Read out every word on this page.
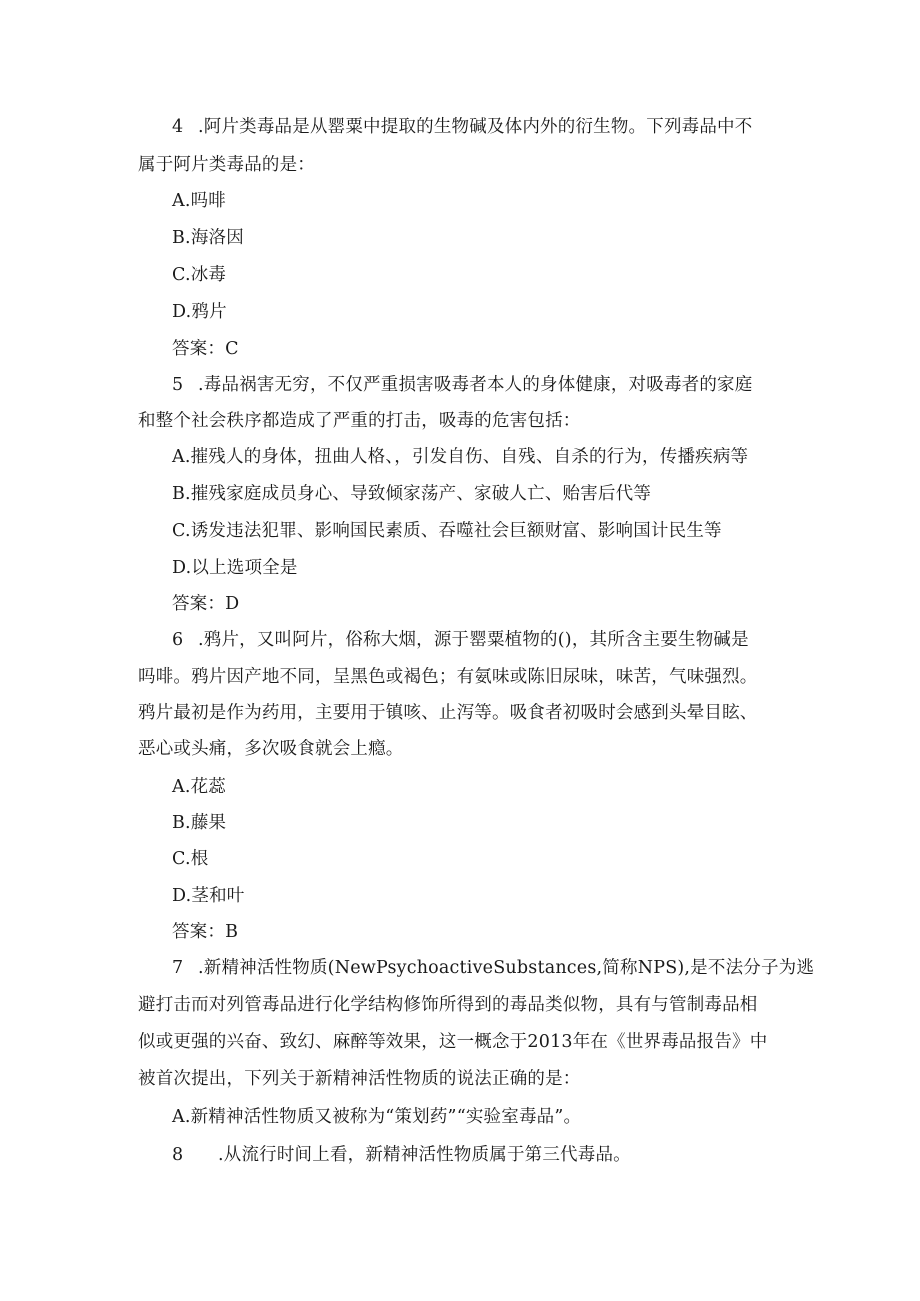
4 .阿片类毒品是从罂粟中提取的生物碱及体内外的衍生物。下列毒品中不
属于阿片类毒品的是：
A.吗啡
B.海洛因
C.冰毒
D.鸦片
答案：C
5 .毒品祸害无穷，不仅严重损害吸毒者本人的身体健康，对吸毒者的家庭
和整个社会秩序都造成了严重的打击，吸毒的危害包括：
A.摧残人的身体，扭曲人格、，引发自伤、自残、自杀的行为，传播疾病等
B.摧残家庭成员身心、导致倾家荡产、家破人亡、贻害后代等
C.诱发违法犯罪、影响国民素质、吞噬社会巨额财富、影响国计民生等
D.以上选项全是
答案：D
6 .鸦片，又叫阿片，俗称大烟，源于罂粟植物的()，其所含主要生物碱是
吗啡。鸦片因产地不同，呈黑色或褐色；有氨味或陈旧尿味，味苦，气味强烈。
鸦片最初是作为药用，主要用于镇咳、止泻等。吸食者初吸时会感到头晕目眩、
恶心或头痛，多次吸食就会上瘾。
A.花蕊
B.藤果
C.根
D.茎和叶
答案：B
7 .新精神活性物质(NewPsychoactiveSubstances,简称NPS),是不法分子为逃
避打击而对列管毒品进行化学结构修饰所得到的毒品类似物，具有与管制毒品相
似或更强的兴奋、致幻、麻醉等效果，这一概念于2013年在《世界毒品报告》中
被首次提出，下列关于新精神活性物质的说法正确的是：
A.新精神活性物质又被称为“策划药”“实验室毒品”。
8 .从流行时间上看，新精神活性物质属于第三代毒品。
